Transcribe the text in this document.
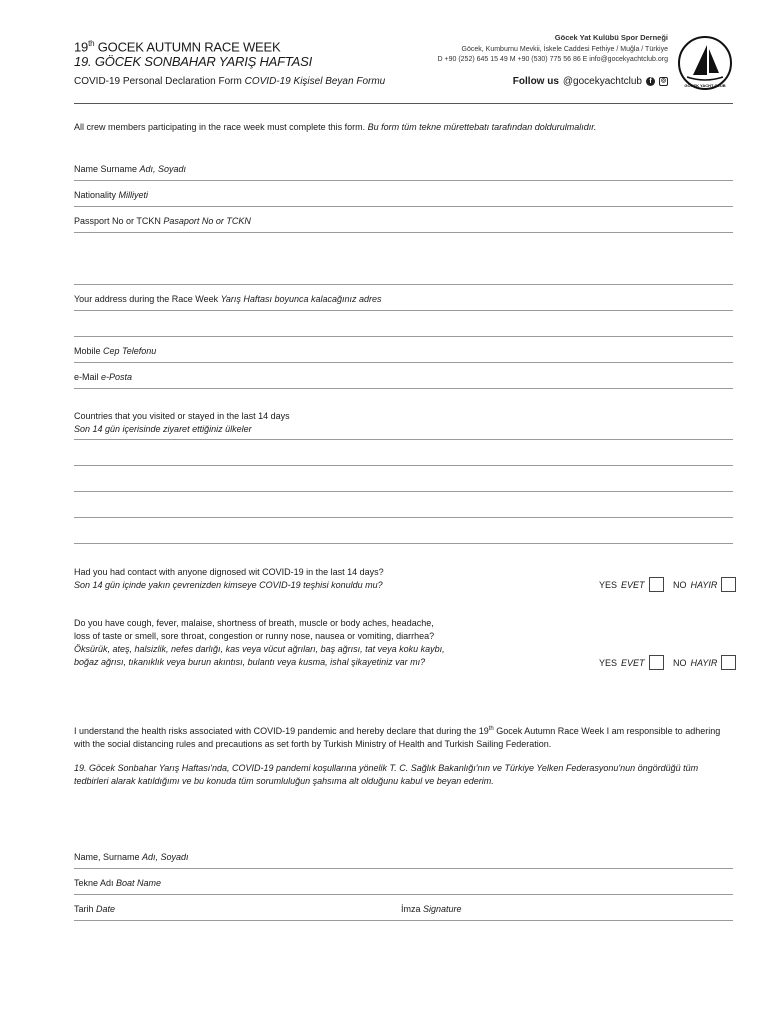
19th GOCEK AUTUMN RACE WEEK
19. GÖCEK SONBAHAR YARIŞ HAFTASI
COVID-19 Personal Declaration Form COVID-19 Kişisel Beyan Formu
Göcek Yat Kulübü Spor Derneği
Göcek, Kumburnu Mevkii, İskele Caddesi Fethiye / Muğla / Türkiye
D +90 (252) 645 15 49 M +90 (530) 775 56 86 E info@gocekyachtclub.org
Follow us @gocekyachtclub	f	◎
GÖCEK YACHT CLUB
All crew members participating in the race week must complete this form. Bu form tüm tekne mürettebatı tarafından doldurulmalıdır.
Name Surname Adı, Soyadı
Nationality Milliyeti
Passport No or TCKN Pasaport No or TCKN
Your address during the Race Week Yarış Haftası boyunca kalacağınız adres
Mobile Cep Telefonu
e-Mail e-Posta
Countries that you visited or stayed in the last 14 days
Son 14 gün içerisinde ziyaret ettiğiniz ülkeler
Had you had contact with anyone dignosed wit COVID-19 in the last 14 days?
Son 14 gün içinde yakın çevrenizden kimseye COVID-19 teşhisi konuldu mu?	YES EVET	NO HAYIR
Do you have cough, fever, malaise, shortness of breath, muscle or body aches, headache,
loss of taste or smell, sore throat, congestion or runny nose, nausea or vomiting, diarrhea?
Öksürük, ateş, halsizlik, nefes darlığı, kas veya vücut ağrıları, baş ağrısı, tat veya koku kaybı,
boğaz ağrısı, tıkanıklık veya burun akıntısı, bulantı veya kusma, ishal şikayetiniz var mı?	YES EVET	NO HAYIR
I understand the health risks associated with COVID-19 pandemic and hereby declare that during the 19th Gocek Autumn Race Week I am responsible to adhering with the social distancing rules and precautions as set forth by Turkish Ministry of Health and Turkish Sailing Federation.
19. Göcek Sonbahar Yarış Haftası'nda, COVID-19 pandemi koşullarına yönelik T. C. Sağlık Bakanlığı'nın ve Türkiye Yelken Federasyonu'nun öngördüğü tüm tedbirleri alarak katıldığımı ve bu konuda tüm sorumluluğun şahsıma alt olduğunu kabul ve beyan ederim.
Name, Surname Adı, Soyadı
Tekne Adı Boat Name
Tarih Date	İmza Signature
